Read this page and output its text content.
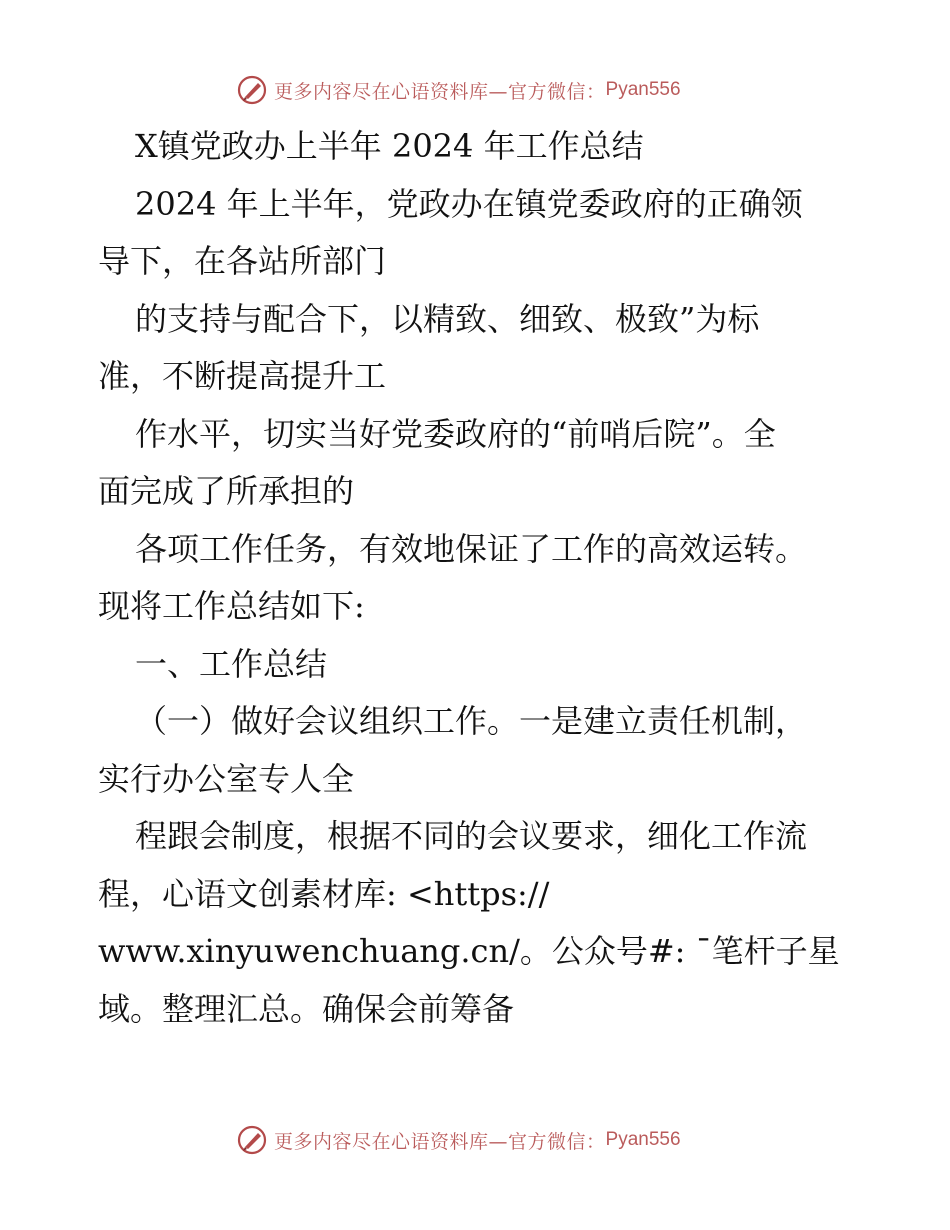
更多内容尽在心语资料库—官方微信： Pyan556
X镇党政办上半年 2024 年工作总结
2024 年上半年，党政办在镇党委政府的正确领
导下，在各站所部门
的支持与配合下，以精致、细致、极致”为标
准，不断提高提升工
作水平，切实当好党委政府的“前哨后院”。全
面完成了所承担的
各项工作任务，有效地保证了工作的高效运转。
现将工作总结如下:
一、工作总结
（一）做好会议组织工作。一是建立责任机制，
实行办公室专人全
程跟会制度，根据不同的会议要求，细化工作流
程，心语文创素材库: <https://
www.xinyuwenchuang.cn/。公众号#: ¯笔杆子星
域。整理汇总。确保会前筹备
更多内容尽在心语资料库—官方微信： Pyan556
